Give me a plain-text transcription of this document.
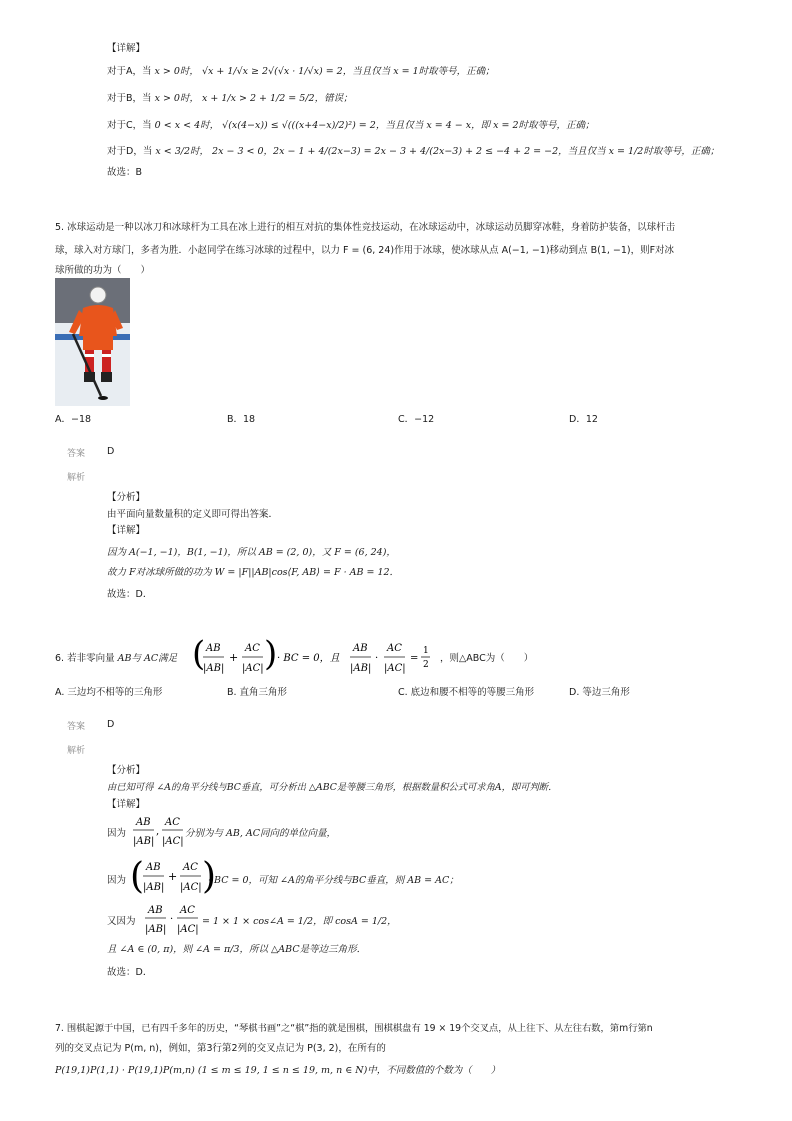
【详解】
对于A，当 x > 0时， √x + 1/√x ≥ 2√(√x · 1/√x) = 2，当且仅当 x = 1时取等号，正确；
对于B，当 x > 0时， x + 1/x > 2 + 1/2 = 5/2，错误；
对于C，当 0 < x < 4时， √(x(4−x)) ≤ √(((x+4−x)/2)²) = 2，当且仅当 x = 4 − x，即 x = 2时取等号，正确；
对于D，当 x < 3/2时， 2x − 3 < 0，2x − 1 + 4/(2x−3) = 2x − 3 + 4/(2x−3) + 2 ≤ −4 + 2 = −2，当且仅当 x = 1/2时取等号，正确；
故选：B
5. 冰球运动是一种以冰刀和冰球杆为工具在冰上进行的相互对抗的集体性竞技运动，在冰球运动中，冰球运动员脚穿冰鞋，身着防护装备，以球杆击
球，球入对方球门，多者为胜．小赵同学在练习冰球的过程中，以力 F = (6, 24)作用于冰球，使冰球从点 A(−1, −1)移动到点 B(1, −1)，则F对冰
球所做的功为（　　）
A．−18	B．18	C．−12	D．12
答案 D
解析
【分析】
由平面向量数量积的定义即可得出答案．
【详解】
因为 A(−1, −1)，B(1, −1)，所以 AB = (2, 0)，又 F = (6, 24)，
故力 F对冰球所做的功为 W = |F||AB|cos⟨F, AB⟩ = F · AB = 12．
故选：D．
6. 若非零向量 AB与 AC满足 ( AB
|AB|
+
AC
|AC| ) · BC = 0，且
AB
|AB|
·
AC
|AC|
=
1
2
，则△ABC为（　　）
A. 三边均不相等的三角形	B. 直角三角形	C. 底边和腰不相等的等腰三角形	D. 等边三角形
答案 D
解析
【分析】
由已知可得 ∠A的角平分线与BC垂直，可分析出 △ABC是等腰三角形，根据数量积公式可求角A，即可判断．
【详解】
因为
AB
|AB|
,
AC
|AC|
分别为与 AB, AC同向的单位向量，
因为 ( AB
|AB|
+
AC
|AC| )
· BC = 0，可知 ∠A的角平分线与BC垂直，则 AB = AC；
又因为
AB
|AB|
·
AC
|AC|
= 1 × 1 × cos∠A = 1/2，即 cosA = 1/2，
且 ∠A ∈ (0, π)，则 ∠A = π/3，所以 △ABC是等边三角形．
故选：D．
7. 围棋起源于中国，已有四千多年的历史，“琴棋书画”之“棋”指的就是围棋，围棋棋盘有 19 × 19个交叉点，从上往下、从左往右数，第m行第n
列的交叉点记为 P(m, n)，例如，第3行第2列的交叉点记为 P(3, 2)，在所有的
P(19,1)P(1,1) · P(19,1)P(m,n) (1 ≤ m ≤ 19, 1 ≤ n ≤ 19, m, n ∈ N)中，不同数值的个数为（　　）
